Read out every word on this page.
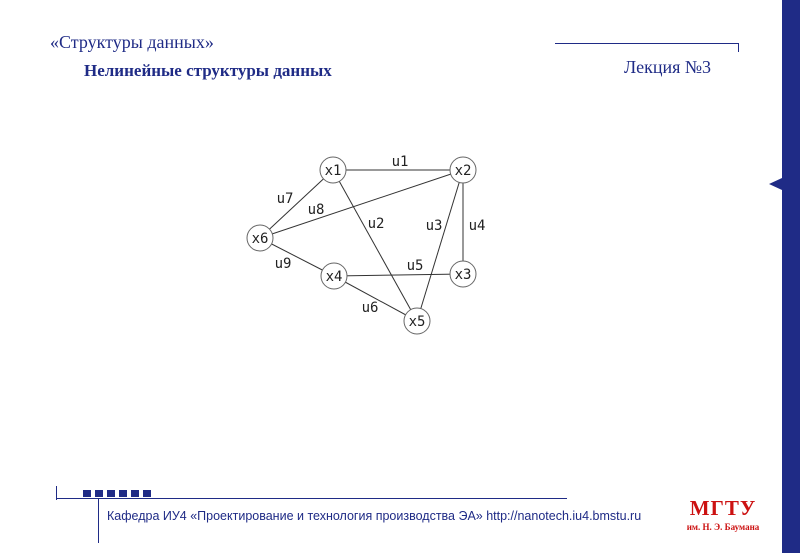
«Структуры данных»
Нелинейные структуры данных	Лекция №3
u1
u2	u3 u4
u5
u6
u7
u8
u9
x1	x2
x3
x4
x5
x6
Кафедра ИУ4 «Проектирование и технология производства ЭА» http://nanotech.iu4.bmstu.ru	МГТУ
им. Н. Э. Баумана
